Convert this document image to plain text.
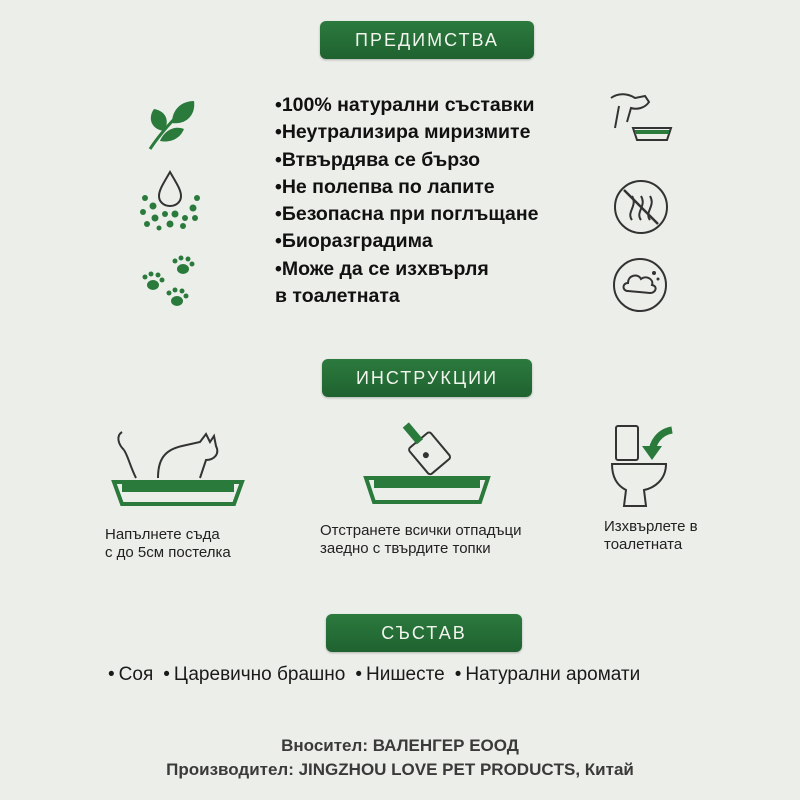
ПРЕДИМСТВА
•100% натурални съставки
•Неутрализира миризмите
•Втвърдява се бързо
•Не полепва по лапите
•Безопасна при поглъщане
•Биоразградима
•Може да се изхвърля
в тоалетната
ИНСТРУКЦИИ
Напълнете съда
с до 5см постелка
Отстранете всички отпадъци
заедно с твърдите топки
Изхвърлете в
тоалетната
СЪСТАВ
• Соя • Царевично брашно • Нишесте • Натурални аромати
Вносител: ВАЛЕНГЕР ЕООД
Производител: JINGZHOU LOVE PET PRODUCTS, Китай
